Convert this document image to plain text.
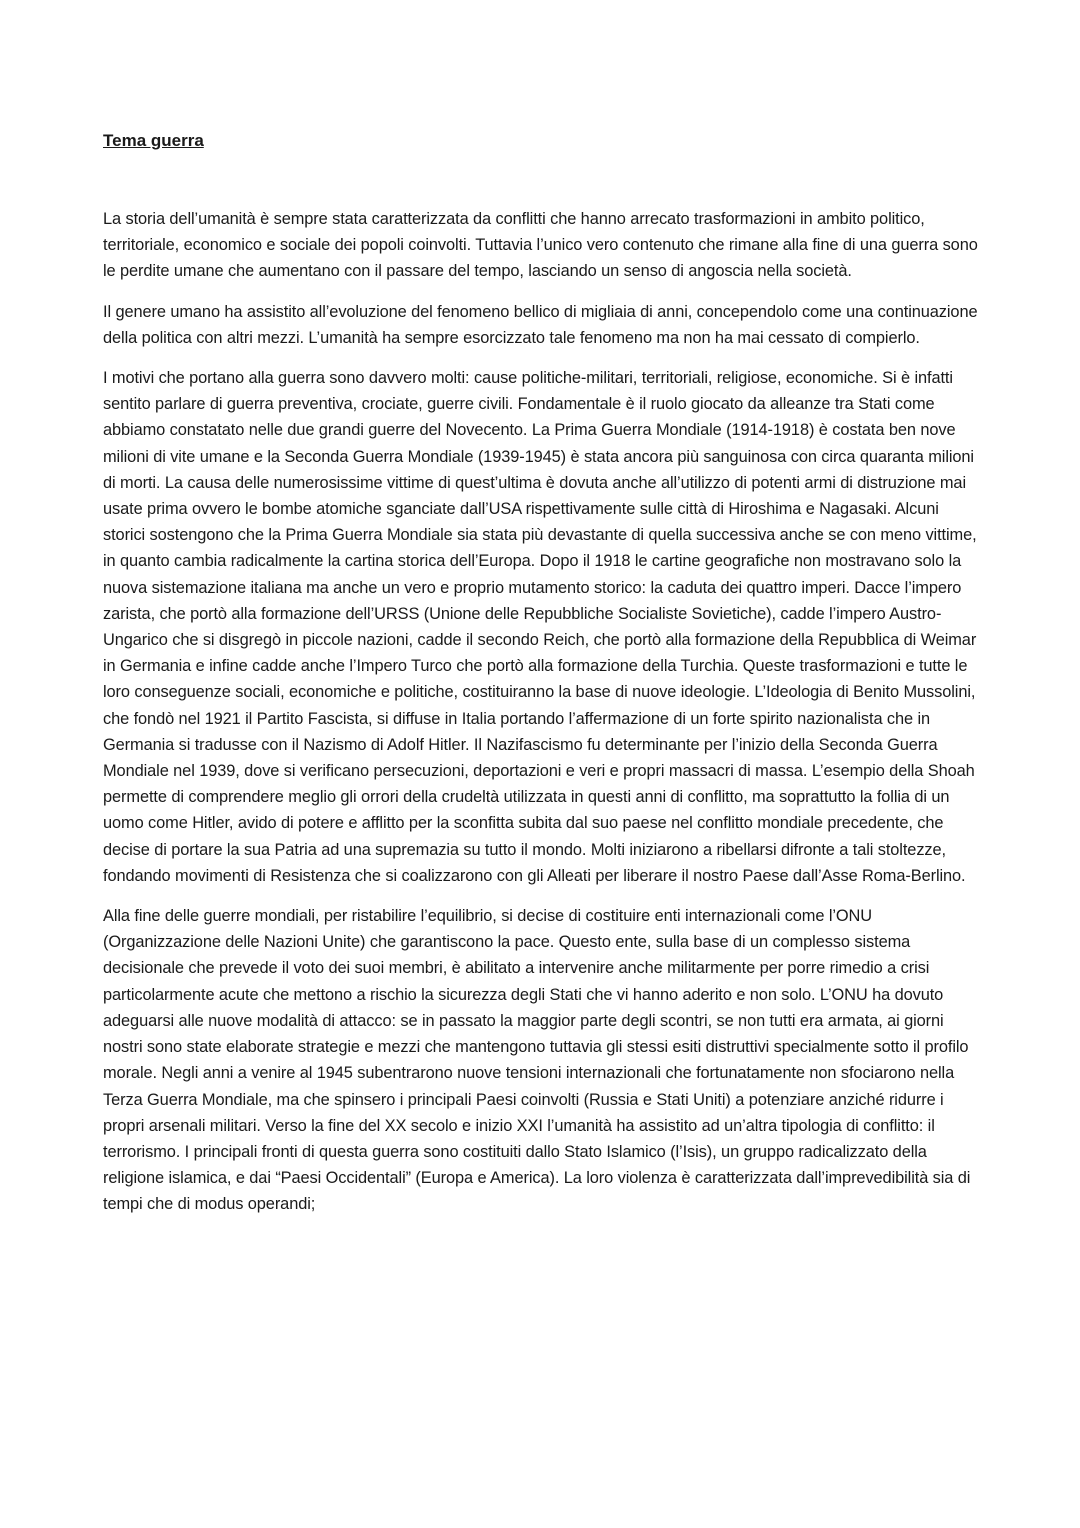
Tema guerra

La storia dell’umanità è sempre stata caratterizzata da conflitti che hanno arrecato trasformazioni in ambito politico, territoriale, economico e sociale dei popoli coinvolti. Tuttavia l’unico vero contenuto che rimane alla fine di una guerra sono le perdite umane che aumentano con il passare del tempo, lasciando un senso di angoscia nella società.

Il genere umano ha assistito all’evoluzione del fenomeno bellico di migliaia di anni, concependolo come una continuazione della politica con altri mezzi. L’umanità ha sempre esorcizzato tale fenomeno ma non ha mai cessato di compierlo.

I motivi che portano alla guerra sono davvero molti: cause politiche-militari, territoriali, religiose, economiche. Si è infatti sentito parlare di guerra preventiva, crociate, guerre civili. Fondamentale è il ruolo giocato da alleanze tra Stati come abbiamo constatato nelle due grandi guerre del Novecento. La Prima Guerra Mondiale (1914-1918) è costata ben nove milioni di vite umane e la Seconda Guerra Mondiale (1939-1945) è stata ancora più sanguinosa con circa quaranta milioni di morti. La causa delle numerosissime vittime di quest’ultima è dovuta anche all’utilizzo di potenti armi di distruzione mai usate prima ovvero le bombe atomiche sganciate dall’USA rispettivamente sulle città di Hiroshima e Nagasaki. Alcuni storici sostengono che la Prima Guerra Mondiale sia stata più devastante di quella successiva anche se con meno vittime, in quanto cambia radicalmente la cartina storica dell’Europa. Dopo il 1918 le cartine geografiche non mostravano solo la nuova sistemazione italiana ma anche un vero e proprio mutamento storico: la caduta dei quattro imperi. Dacce l’impero zarista, che portò alla formazione dell’URSS (Unione delle Repubbliche Socialiste Sovietiche), cadde l’impero Austro-Ungarico che si disgregò in piccole nazioni, cadde il secondo Reich, che portò alla formazione della Repubblica di Weimar in Germania e infine cadde anche l’Impero Turco che portò alla formazione della Turchia. Queste trasformazioni e tutte le loro conseguenze sociali, economiche e politiche, costituiranno la base di nuove ideologie. L’Ideologia di Benito Mussolini, che fondò nel 1921 il Partito Fascista, si diffuse in Italia portando l’affermazione di un forte spirito nazionalista che in Germania si tradusse con il Nazismo di Adolf Hitler. Il Nazifascismo fu determinante per l’inizio della Seconda Guerra Mondiale nel 1939, dove si verificano persecuzioni, deportazioni e veri e propri massacri di massa. L’esempio della Shoah permette di comprendere meglio gli orrori della crudeltà utilizzata in questi anni di conflitto, ma soprattutto la follia di un uomo come Hitler, avido di potere e afflitto per la sconfitta subita dal suo paese nel conflitto mondiale precedente, che decise di portare la sua Patria ad una supremazia su tutto il mondo. Molti iniziarono a ribellarsi difronte a tali stoltezze, fondando movimenti di Resistenza che si coalizzarono con gli Alleati per liberare il nostro Paese dall’Asse Roma-Berlino.

Alla fine delle guerre mondiali, per ristabilire l’equilibrio, si decise di costituire enti internazionali come l’ONU (Organizzazione delle Nazioni Unite) che garantiscono la pace. Questo ente, sulla base di un complesso sistema decisionale che prevede il voto dei suoi membri, è abilitato a intervenire anche militarmente per porre rimedio a crisi particolarmente acute che mettono a rischio la sicurezza degli Stati che vi hanno aderito e non solo. L’ONU ha dovuto adeguarsi alle nuove modalità di attacco: se in passato la maggior parte degli scontri, se non tutti era armata, ai giorni nostri sono state elaborate strategie e mezzi che mantengono tuttavia gli stessi esiti distruttivi specialmente sotto il profilo morale. Negli anni a venire al 1945 subentrarono nuove tensioni internazionali che fortunatamente non sfociarono nella Terza Guerra Mondiale, ma che spinsero i principali Paesi coinvolti (Russia e Stati Uniti) a potenziare anziché ridurre i propri arsenali militari. Verso la fine del XX secolo e inizio XXI l’umanità ha assistito ad un’altra tipologia di conflitto: il terrorismo. I principali fronti di questa guerra sono costituiti dallo Stato Islamico (l’Isis), un gruppo radicalizzato della religione islamica, e dai “Paesi Occidentali” (Europa e America). La loro violenza è caratterizzata dall’imprevedibilità sia di tempi che di modus operandi;
